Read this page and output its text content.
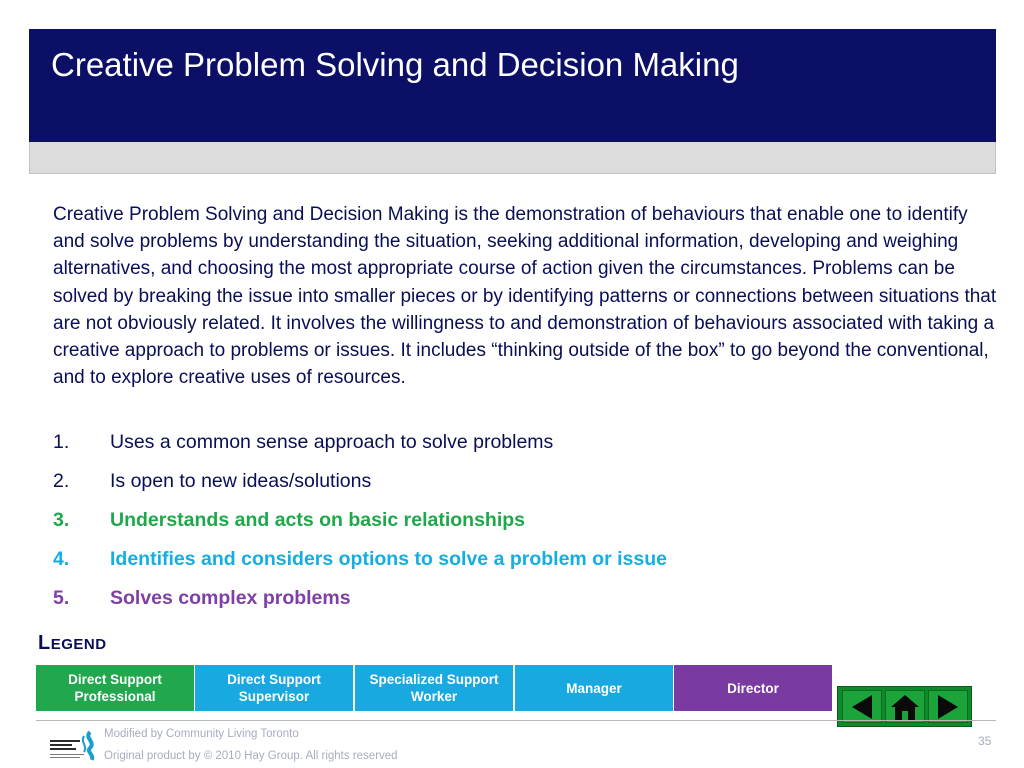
Creative Problem Solving and Decision Making
Creative Problem Solving and Decision Making is the demonstration of behaviours that enable one to identify and solve problems by understanding the situation, seeking additional information, developing and weighing alternatives, and choosing the most appropriate course of action given the circumstances. Problems can be solved by breaking the issue into smaller pieces or by identifying patterns or connections between situations that are not obviously related. It involves the willingness to and demonstration of behaviours associated with taking a creative approach to problems or issues. It includes “thinking outside of the box” to go beyond the conventional, and to explore creative uses of resources.
1. Uses a common sense approach to solve problems
2. Is open to new ideas/solutions
3. Understands and acts on basic relationships
4. Identifies and considers options to solve a problem or issue
5. Solves complex problems
LEGEND
Direct Support Professional
Direct Support Supervisor
Specialized Support Worker
Manager	Director
Modified by Community Living Toronto
Original product by © 2010 Hay Group. All rights reserved
35
